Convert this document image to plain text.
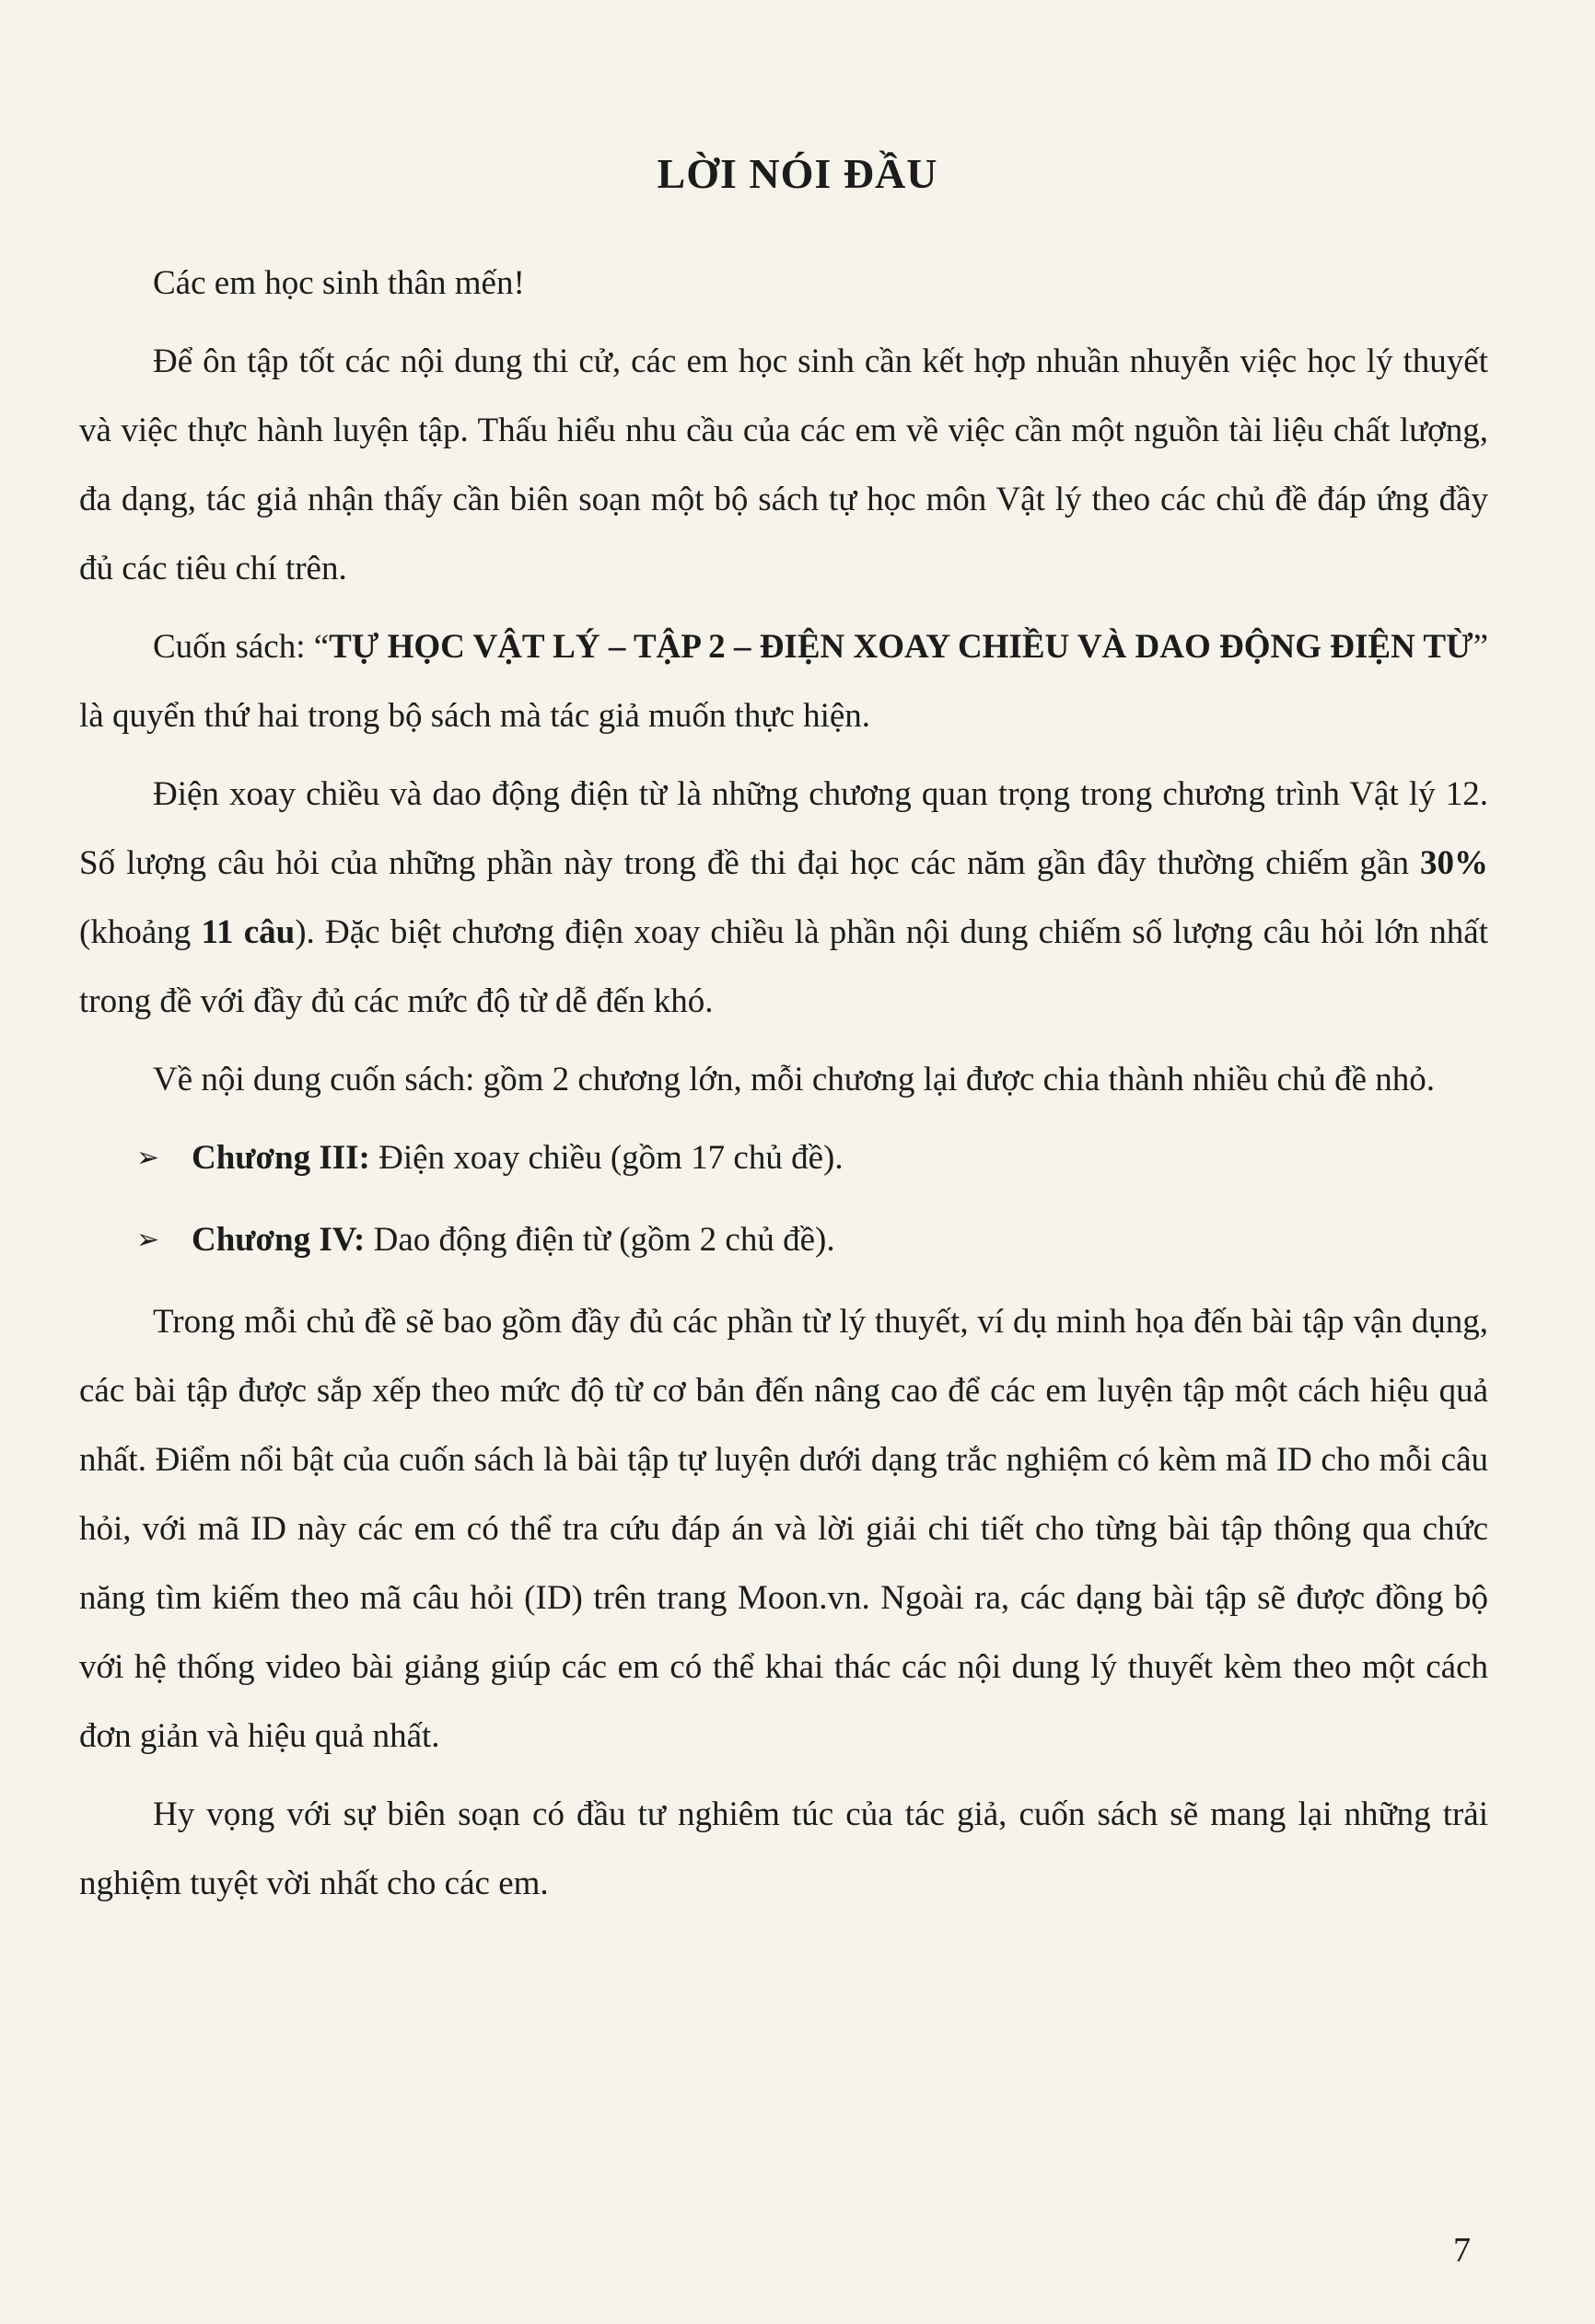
LỜI NÓI ĐẦU

Các em học sinh thân mến!

Để ôn tập tốt các nội dung thi cử, các em học sinh cần kết hợp nhuần nhuyễn việc học lý thuyết và việc thực hành luyện tập. Thấu hiểu nhu cầu của các em về việc cần một nguồn tài liệu chất lượng, đa dạng, tác giả nhận thấy cần biên soạn một bộ sách tự học môn Vật lý theo các chủ đề đáp ứng đầy đủ các tiêu chí trên.

Cuốn sách: “TỰ HỌC VẬT LÝ – TẬP 2 – ĐIỆN XOAY CHIỀU VÀ DAO ĐỘNG ĐIỆN TỪ” là quyển thứ hai trong bộ sách mà tác giả muốn thực hiện.

Điện xoay chiều và dao động điện từ là những chương quan trọng trong chương trình Vật lý 12. Số lượng câu hỏi của những phần này trong đề thi đại học các năm gần đây thường chiếm gần 30% (khoảng 11 câu). Đặc biệt chương điện xoay chiều là phần nội dung chiếm số lượng câu hỏi lớn nhất trong đề với đầy đủ các mức độ từ dễ đến khó.

Về nội dung cuốn sách: gồm 2 chương lớn, mỗi chương lại được chia thành nhiều chủ đề nhỏ.

➢ Chương III: Điện xoay chiều (gồm 17 chủ đề).
➢ Chương IV: Dao động điện từ (gồm 2 chủ đề).

Trong mỗi chủ đề sẽ bao gồm đầy đủ các phần từ lý thuyết, ví dụ minh họa đến bài tập vận dụng, các bài tập được sắp xếp theo mức độ từ cơ bản đến nâng cao để các em luyện tập một cách hiệu quả nhất. Điểm nổi bật của cuốn sách là bài tập tự luyện dưới dạng trắc nghiệm có kèm mã ID cho mỗi câu hỏi, với mã ID này các em có thể tra cứu đáp án và lời giải chi tiết cho từng bài tập thông qua chức năng tìm kiếm theo mã câu hỏi (ID) trên trang Moon.vn. Ngoài ra, các dạng bài tập sẽ được đồng bộ với hệ thống video bài giảng giúp các em có thể khai thác các nội dung lý thuyết kèm theo một cách đơn giản và hiệu quả nhất.

Hy vọng với sự biên soạn có đầu tư nghiêm túc của tác giả, cuốn sách sẽ mang lại những trải nghiệm tuyệt vời nhất cho các em.

7
